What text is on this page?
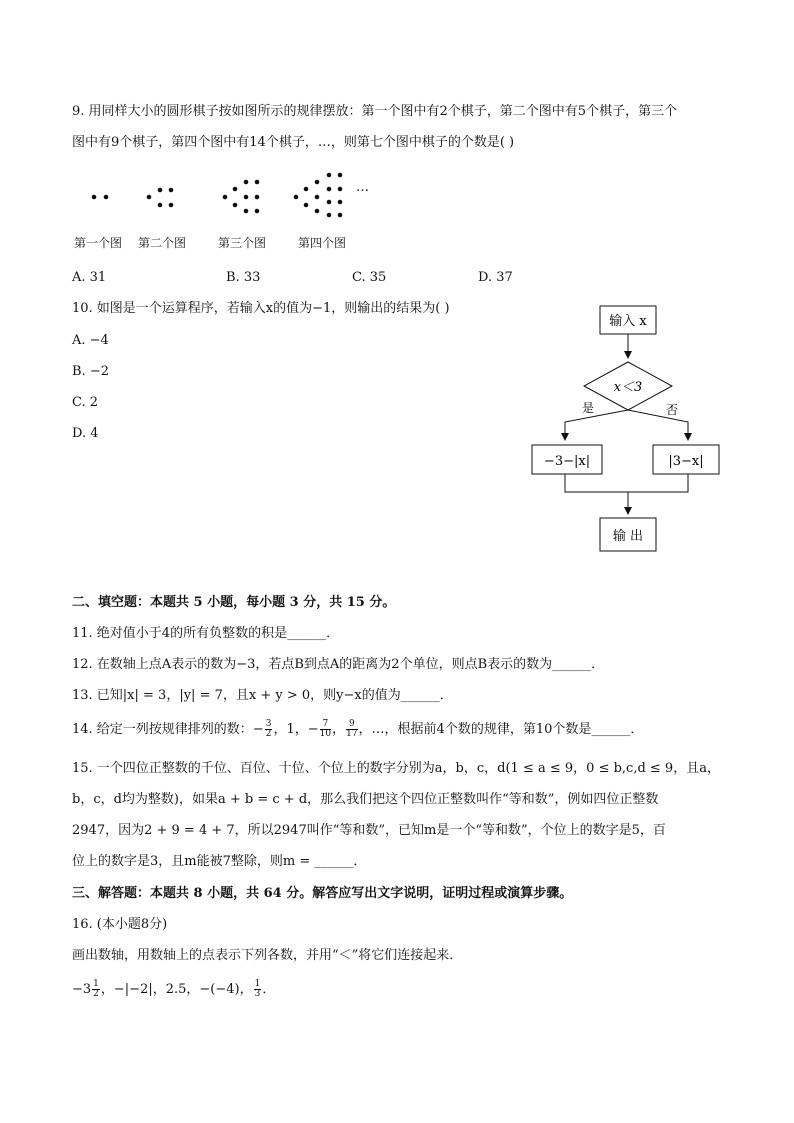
9. 用同样大小的圆形棋子按如图所示的规律摆放：第一个图中有2个棋子，第二个图中有5个棋子，第三个
图中有9个棋子，第四个图中有14个棋子，…，则第七个图中棋子的个数是( )
…
第一个图 第二个图	第三个图	第四个图
A. 31	B. 33	C. 35	D. 37
10. 如图是一个运算程序，若输入x的值为−1，则输出的结果为( )
A. −4
B. −2
C. 2
D. 4
输入 x
x＜3
是	否
−3−|x|	|3−x|
输 出
二、填空题：本题共 5 小题，每小题 3 分，共 15 分。
11. 绝对值小于4的所有负整数的积是______．
12. 在数轴上点A表示的数为−3，若点B到点A的距离为2个单位，则点B表示的数为______．
13. 已知|x| = 3，|y| = 7，且x + y > 0，则y−x的值为______．
14. 给定一列按规律排列的数：− $\frac{3}{2}$ ，1，− $\frac{7}{10}$ ， $\frac{9}{17}$ ，…，根据前4个数的规律，第10个数是______．
15. 一个四位正整数的千位、百位、十位、个位上的数字分别为a，b，c，d(1 ≤ a ≤ 9，0 ≤ b,c,d ≤ 9，且a，
b，c，d均为整数)，如果a + b = c + d，那么我们把这个四位正整数叫作“等和数”，例如四位正整数
2947，因为2 + 9 = 4 + 7，所以2947叫作“等和数”，已知m是一个“等和数”，个位上的数字是5，百
位上的数字是3，且m能被7整除，则m = ______．
三、解答题：本题共 8 小题，共 64 分。解答应写出文字说明，证明过程或演算步骤。
16. (本小题8分)
画出数轴，用数轴上的点表示下列各数，并用“＜”将它们连接起来．
$-3 \frac{1}{2}$ ，−|−2|，2.5，−(−4)， $\frac{1}{3}$ ．
